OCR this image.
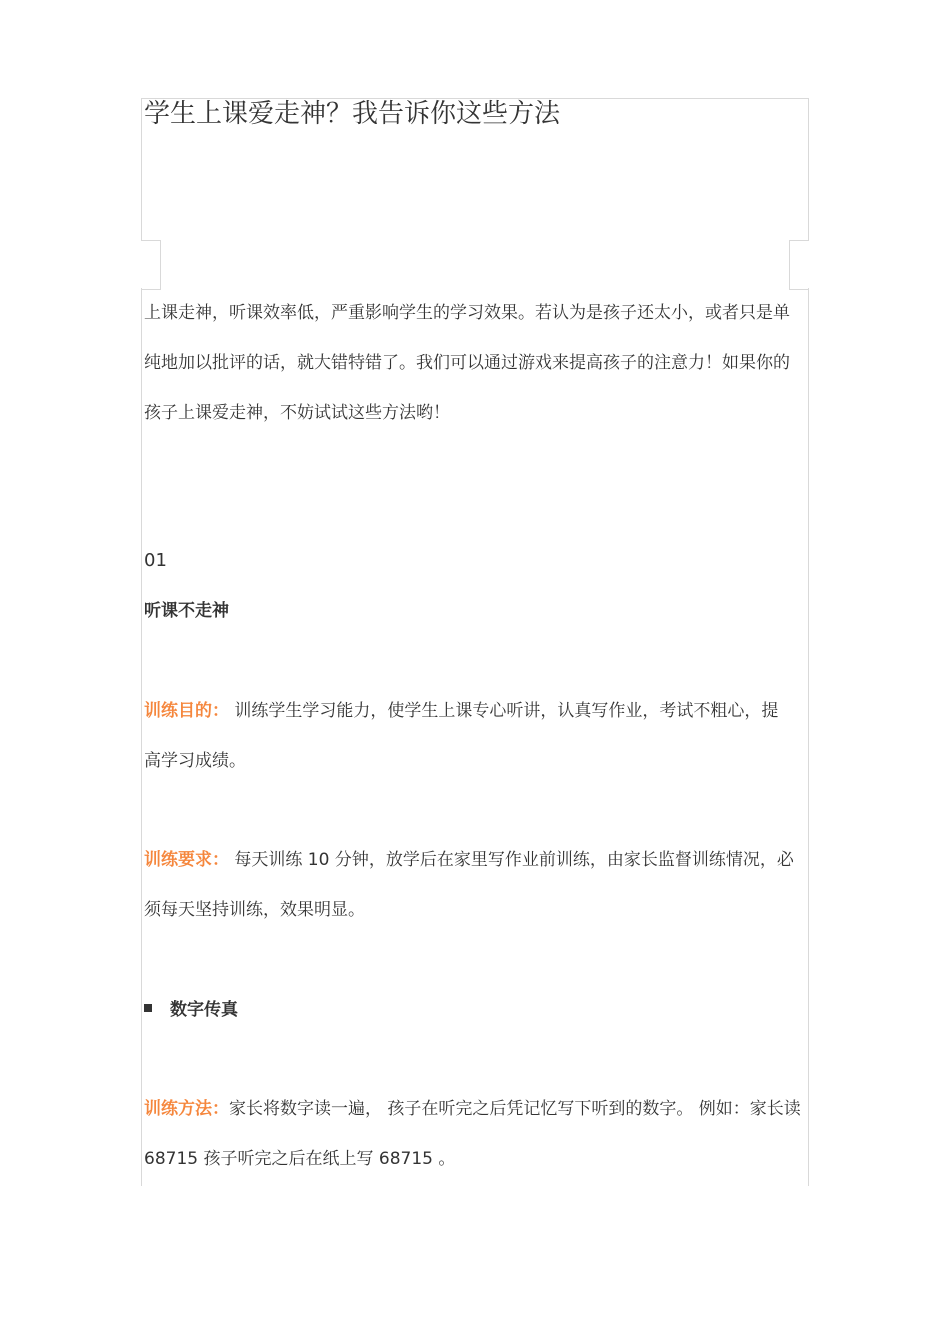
学生上课爱走神？我告诉你这些方法

上课走神，听课效率低，严重影响学生的学习效果。若认为是孩子还太小，或者只是单纯地加以批评的话，就大错特错了。我们可以通过游戏来提高孩子的注意力！如果你的孩子上课爱走神，不妨试试这些方法哟！

01
听课不走神

训练目的： 训练学生学习能力，使学生上课专心听讲，认真写作业，考试不粗心，提高学习成绩。

训练要求： 每天训练 10 分钟，放学后在家里写作业前训练，由家长监督训练情况，必须每天坚持训练，效果明显。

数字传真

训练方法：家长将数字读一遍， 孩子在听完之后凭记忆写下听到的数字。 例如：家长读 68715 孩子听完之后在纸上写 68715 。
